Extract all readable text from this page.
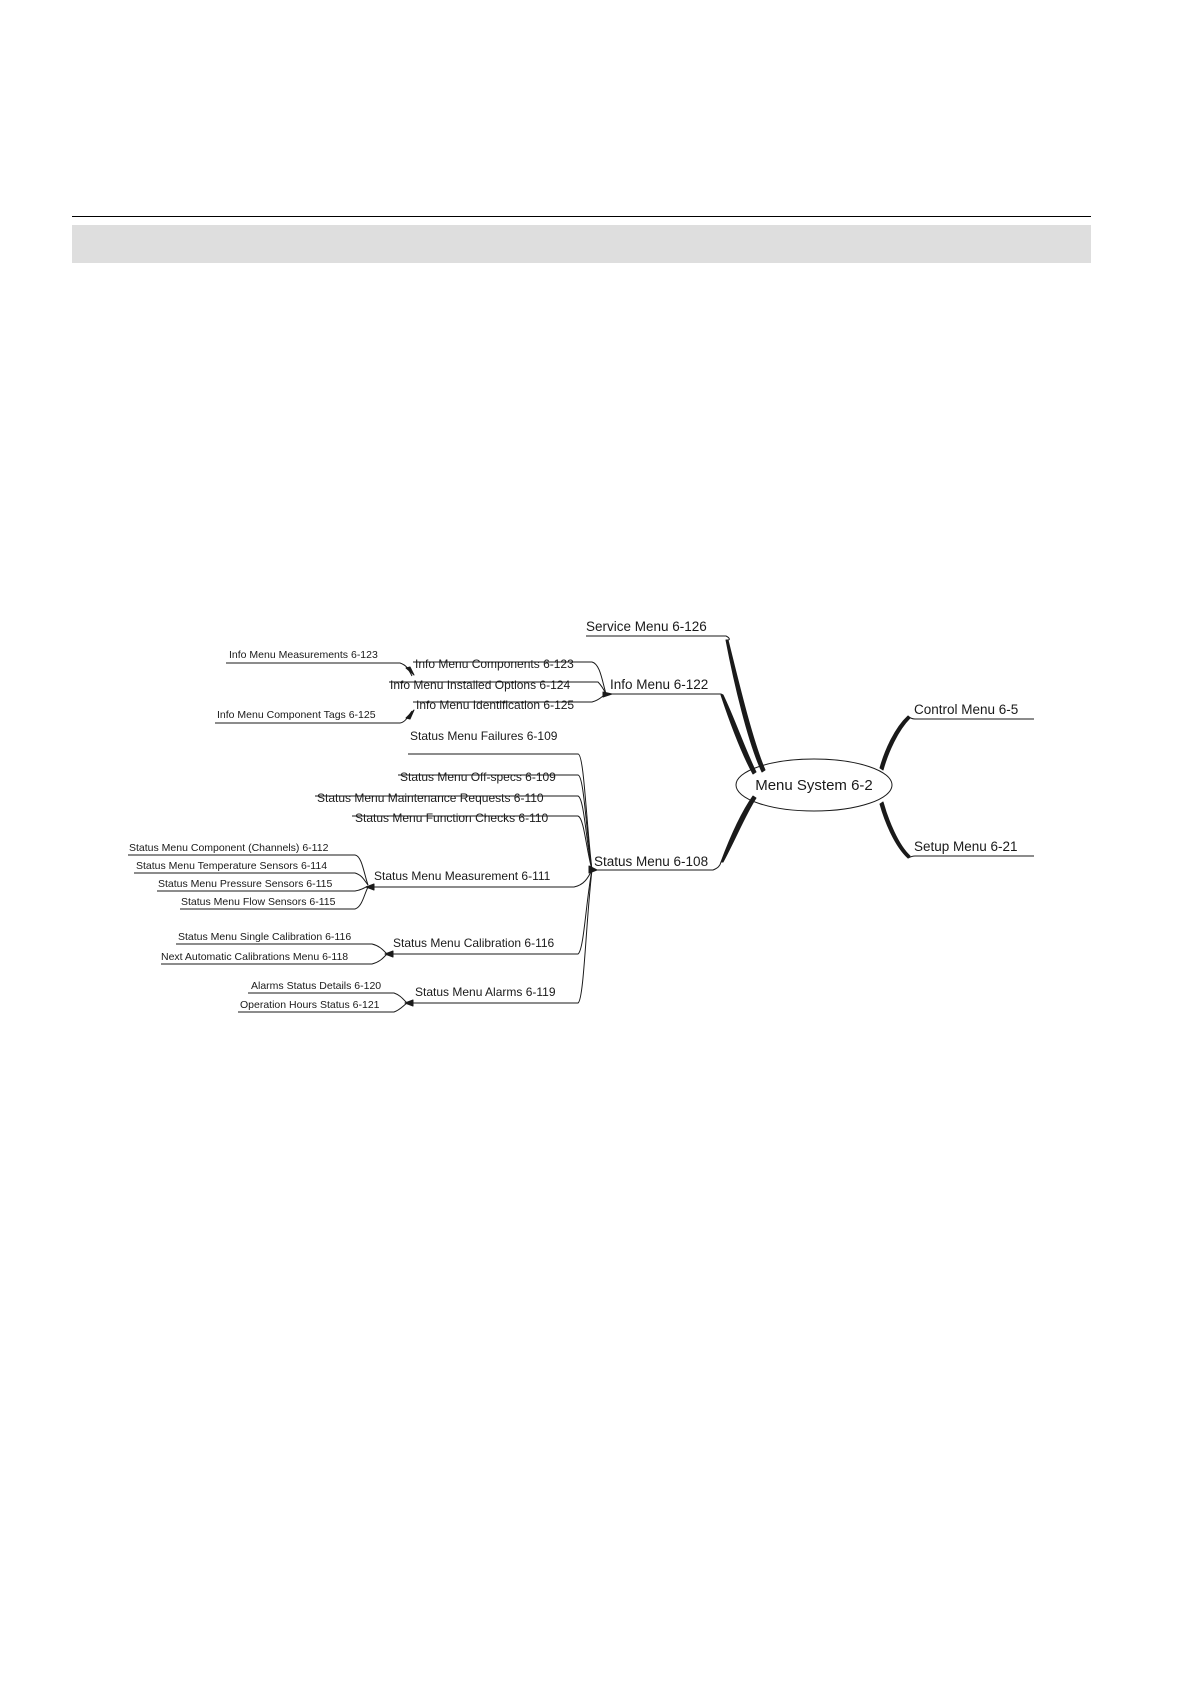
Menu System 6-2
Service Menu 6-126
Info Menu 6-122
Status Menu 6-108
Control Menu 6-5
Setup Menu 6-21
Info Menu Components 6-123
Info Menu Installed Options 6-124
Info Menu Identification 6-125
Info Menu Measurements 6-123
Info Menu Component Tags 6-125
Status Menu Failures 6-109
Status Menu Off-specs 6-109
Status Menu Maintenance Requests 6-110
Status Menu Function Checks 6-110
Status Menu Measurement 6-111
Status Menu Calibration 6-116
Status Menu Alarms 6-119
Status Menu Component (Channels) 6-112
Status Menu Temperature Sensors 6-114
Status Menu Pressure Sensors 6-115
Status Menu Flow Sensors 6-115
Status Menu Single Calibration 6-116
Next Automatic Calibrations Menu 6-118
Alarms Status Details 6-120
Operation Hours Status 6-121
